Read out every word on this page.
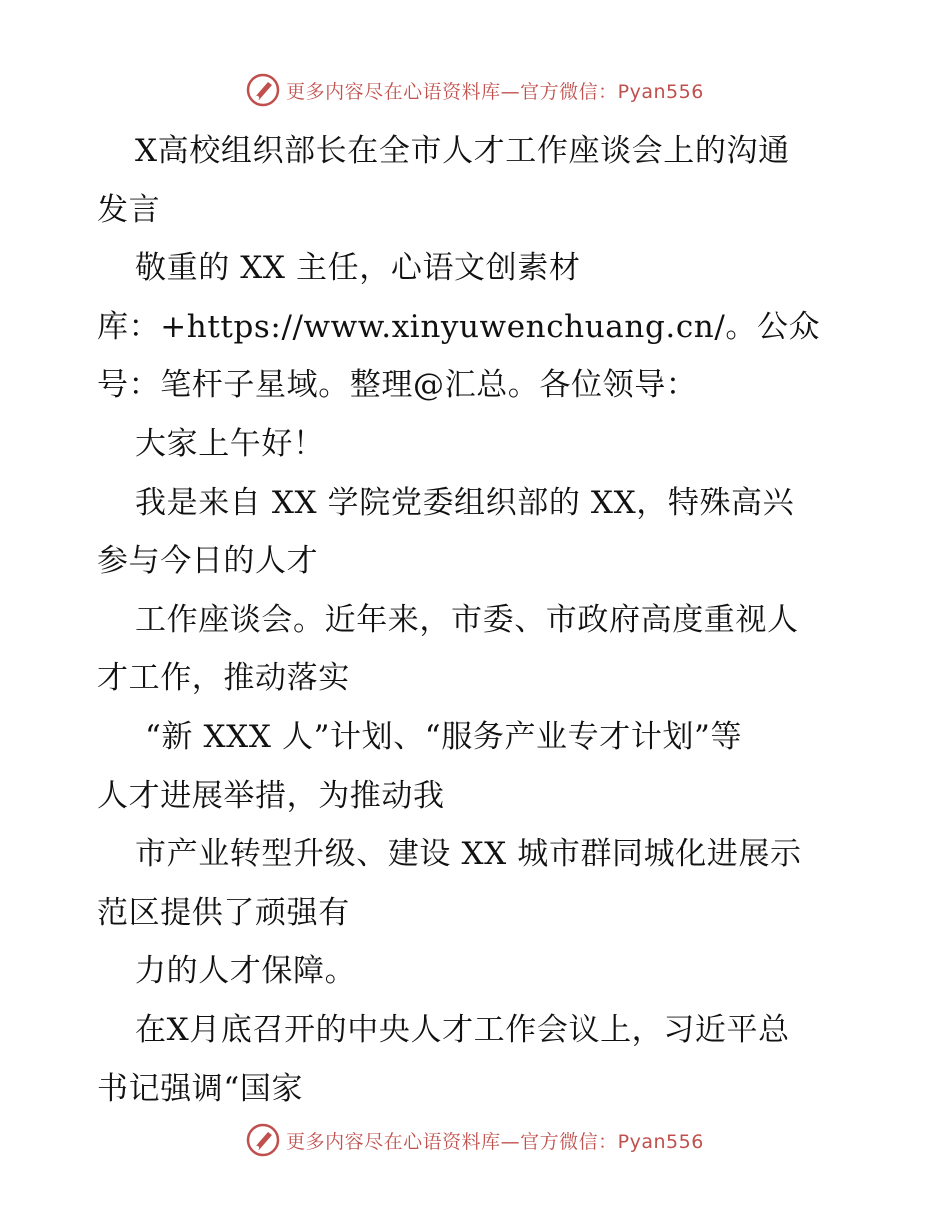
更多内容尽在心语资料库—官方微信：Pyan556
X高校组织部长在全市人才工作座谈会上的沟通
发言
敬重的 XX 主任，心语文创素材
库：+https://www.xinyuwenchuang.cn/。公众
号：笔杆子星域。整理@汇总。各位领导：
大家上午好！
我是来自 XX 学院党委组织部的 XX，特殊高兴
参与今日的人才
工作座谈会。近年来，市委、市政府高度重视人
才工作，推动落实
“新 XXX 人”计划、“服务产业专才计划”等
人才进展举措，为推动我
市产业转型升级、建设 XX 城市群同城化进展示
范区提供了顽强有
力的人才保障。
在X月底召开的中央人才工作会议上，习近平总
书记强调“国家
更多内容尽在心语资料库—官方微信：Pyan556
